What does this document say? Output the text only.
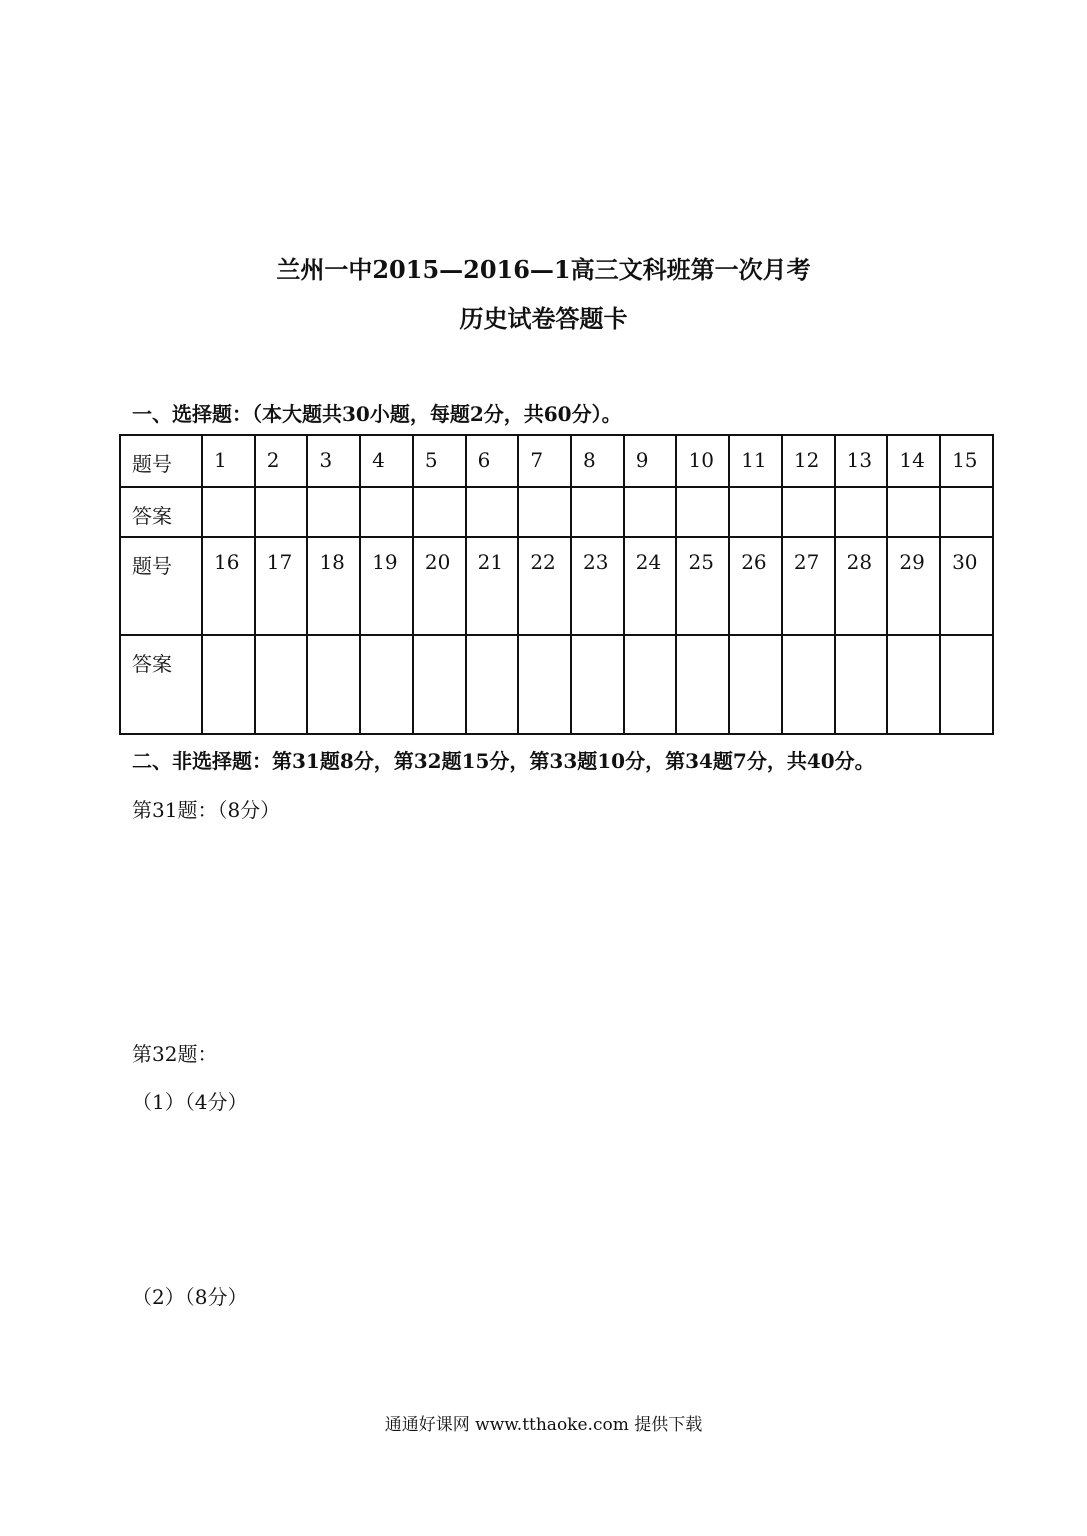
兰州一中2015—2016—1高三文科班第一次月考
历史试卷答题卡
一、选择题：（本大题共30小题，每题2分，共60分）。
题号	1	2	3	4	5	6	7	8	9	10	11	12	13	14	15
答案															
题号	16	17	18	19	20	21	22	23	24	25	26	27	28	29	30
答案															
二、非选择题：第31题8分，第32题15分，第33题10分，第34题7分，共40分。
第31题：（8分）
第32题：
（1）（4分）
（2）（8分）
通通好课网 www.tthaoke.com 提供下载
